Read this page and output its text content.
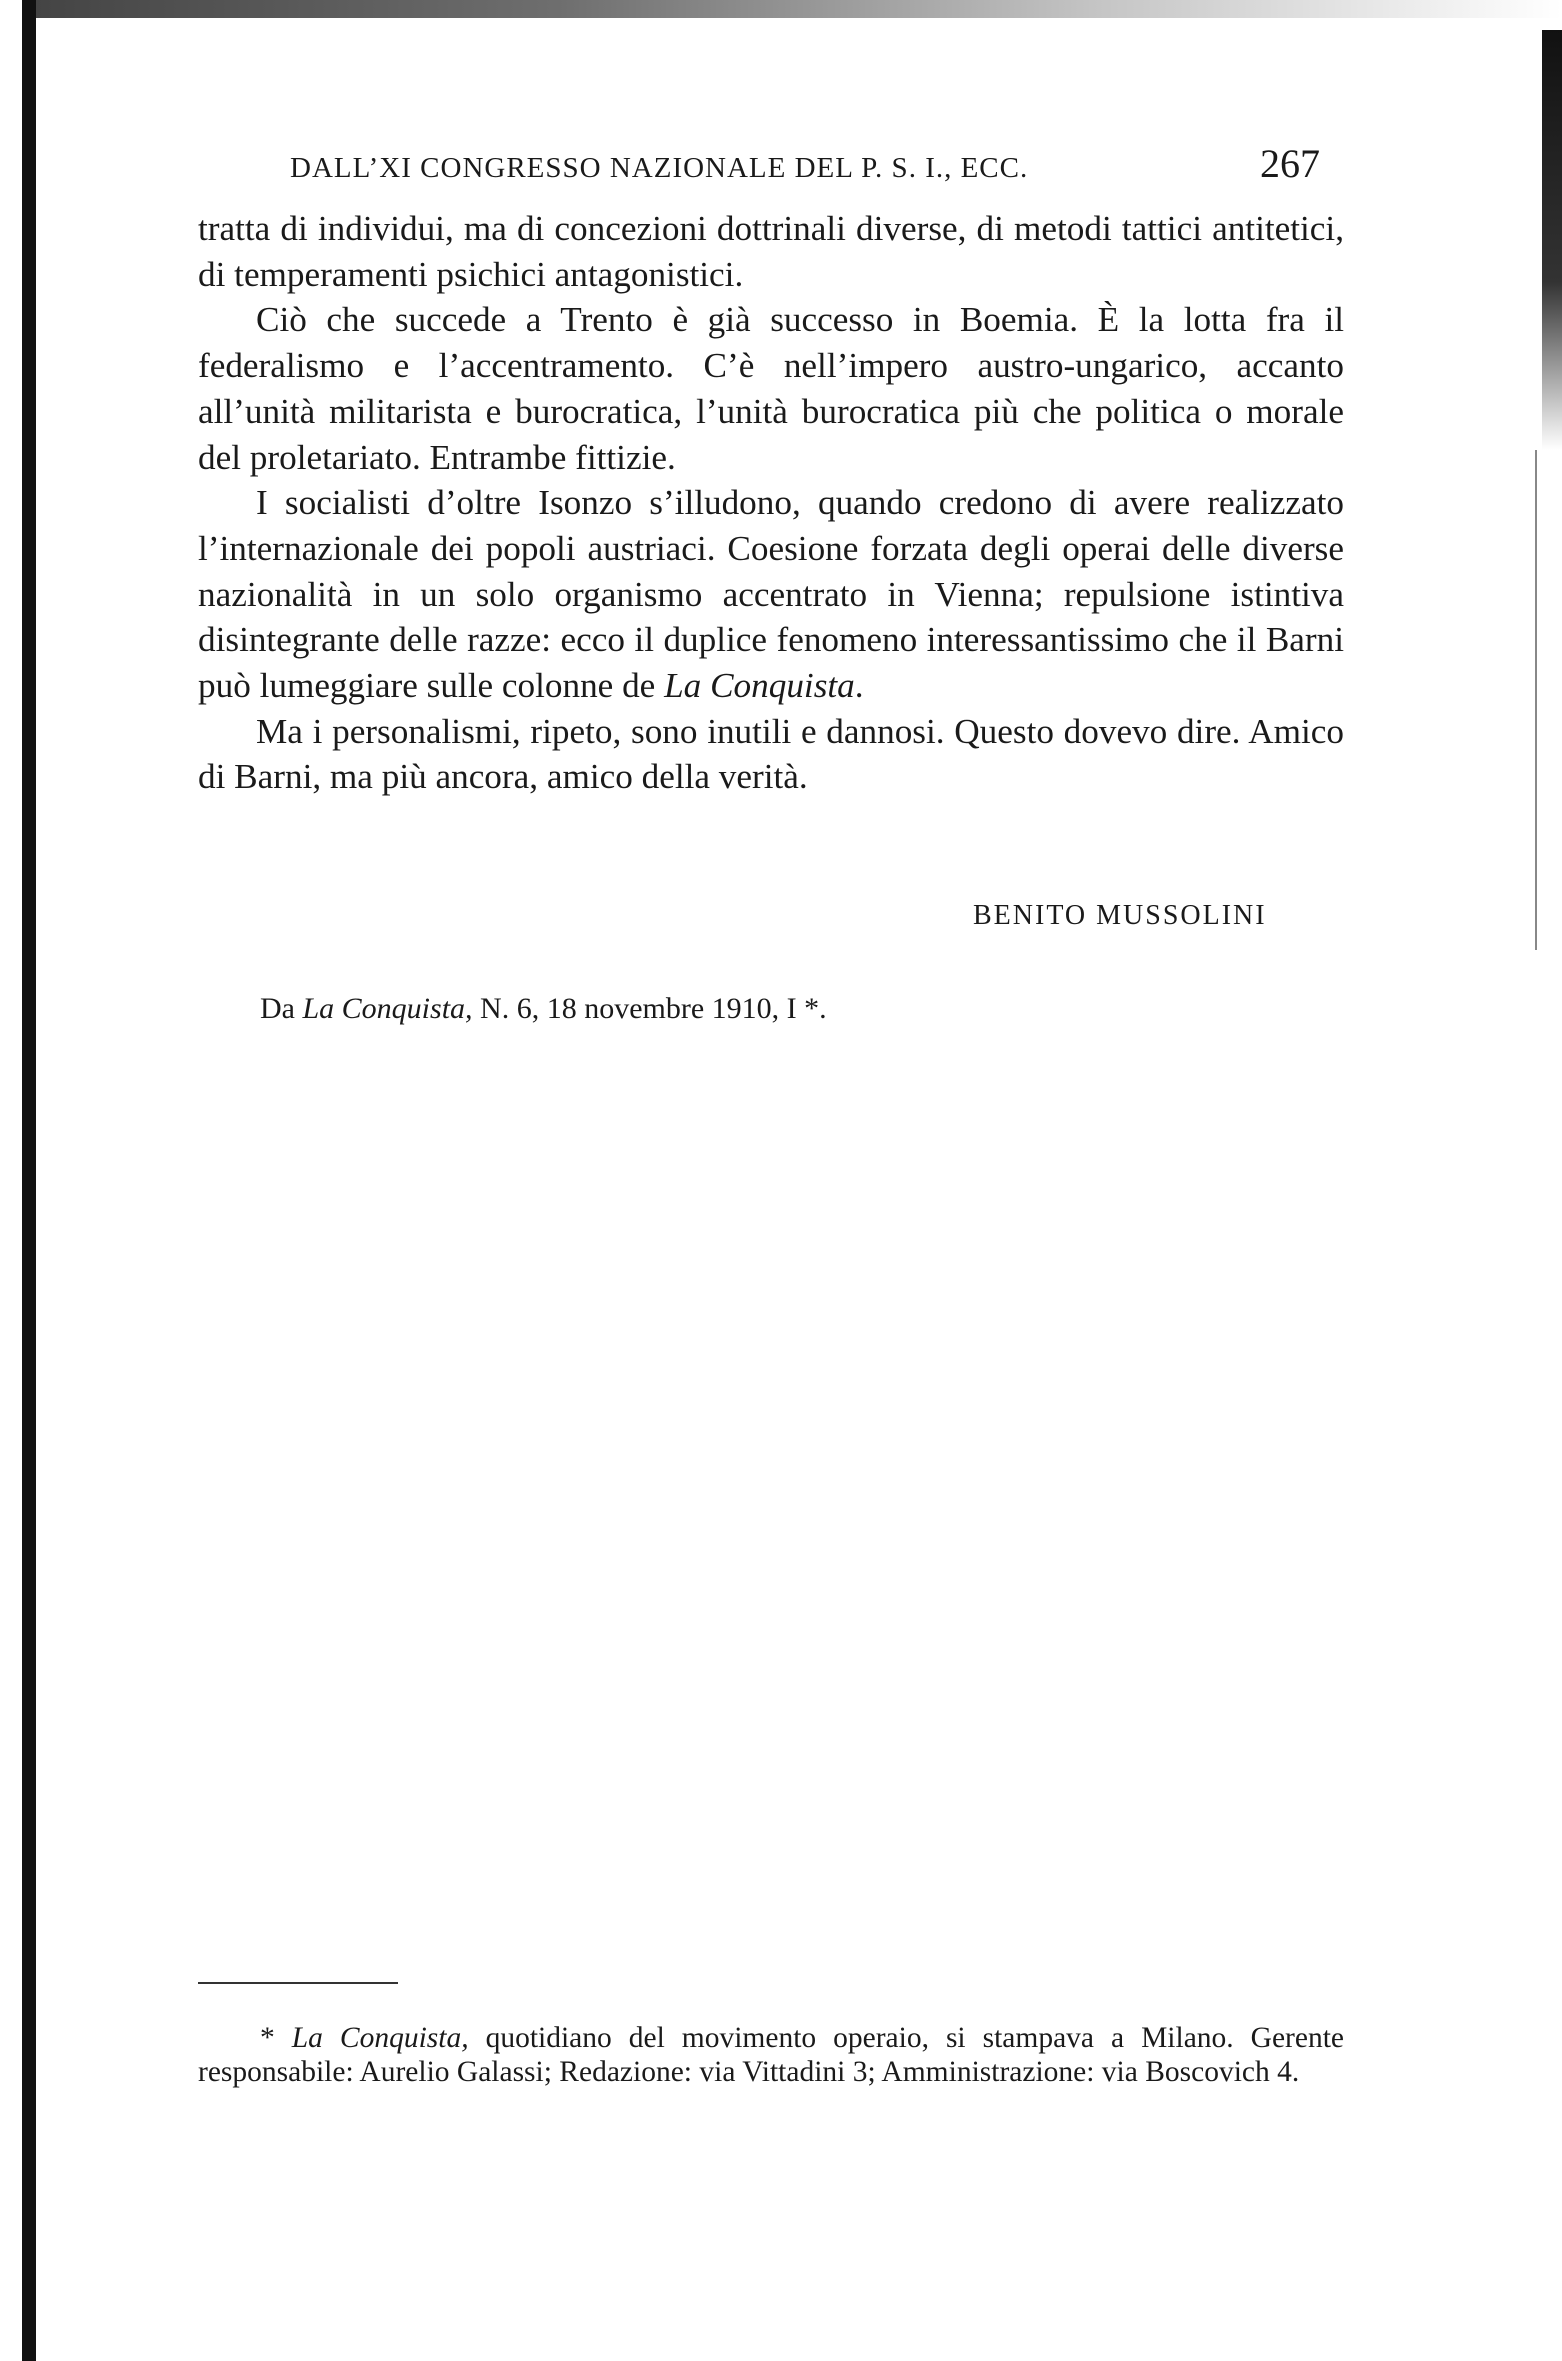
DALL’XI CONGRESSO NAZIONALE DEL P. S. I., ECC.	267

tratta di individui, ma di concezioni dottrinali diverse, di metodi tattici antitetici, di temperamenti psichici antagonistici.

Ciò che succede a Trento è già successo in Boemia. È la lotta fra il federalismo e l’accentramento. C’è nell’impero austro-ungarico, accanto all’unità militarista e burocratica, l’unità burocratica più che politica o morale del proletariato. Entrambe fittizie.

I socialisti d’oltre Isonzo s’illudono, quando credono di avere realizzato l’internazionale dei popoli austriaci. Coesione forzata degli operai delle diverse nazionalità in un solo organismo accentrato in Vienna; repulsione istintiva disintegrante delle razze: ecco il duplice fenomeno interessantissimo che il Barni può lumeggiare sulle colonne de La Conquista.

Ma i personalismi, ripeto, sono inutili e dannosi. Questo dovevo dire. Amico di Barni, ma più ancora, amico della verità.

BENITO MUSSOLINI
Da La Conquista, N. 6, 18 novembre 1910, I *.

* La Conquista, quotidiano del movimento operaio, si stampava a Milano. Gerente responsabile: Aurelio Galassi; Redazione: via Vittadini 3; Amministrazione: via Boscovich 4.
